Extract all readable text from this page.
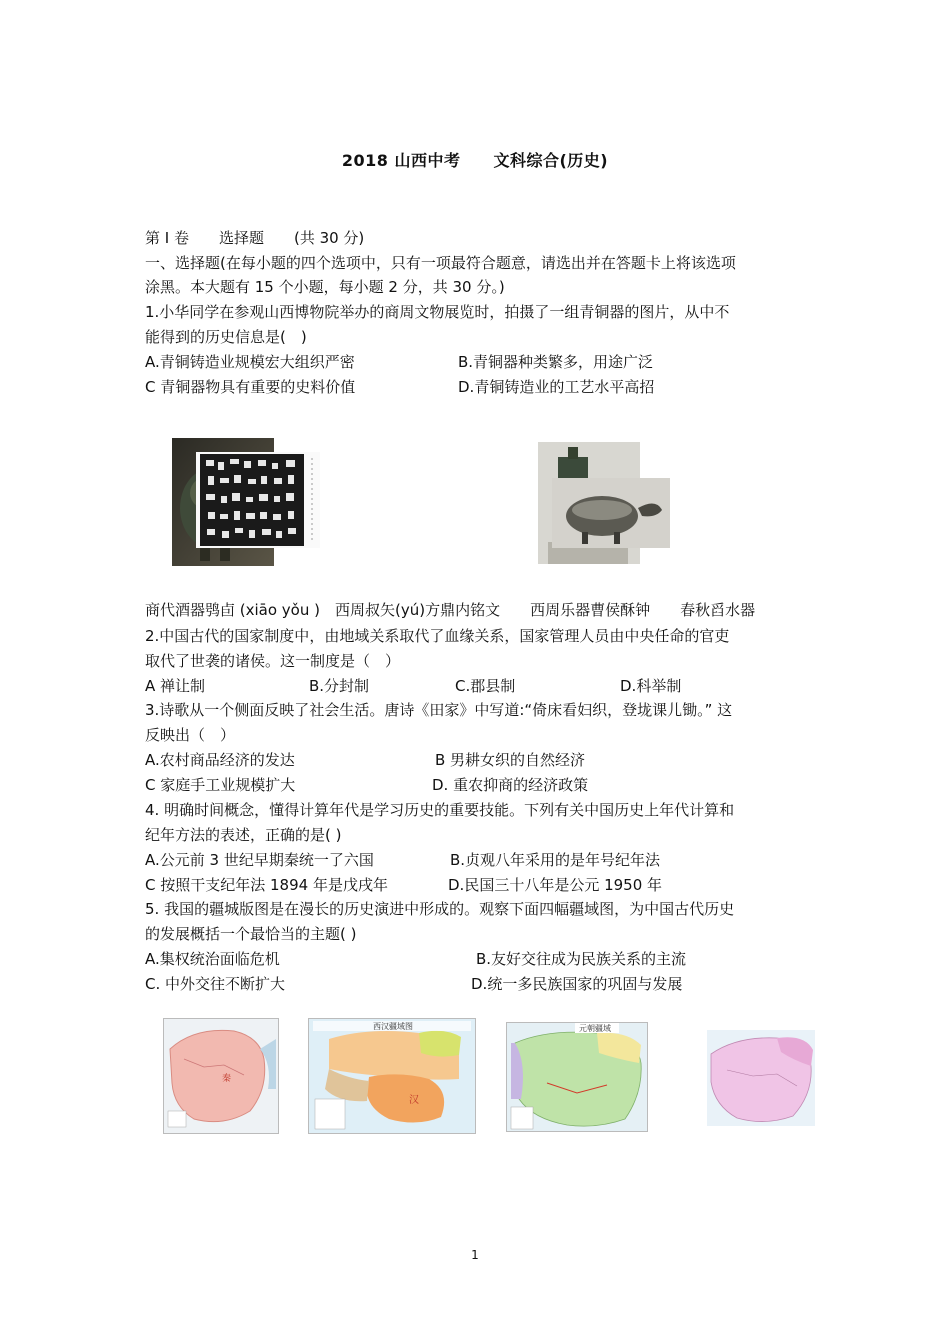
2018 山西中考　　文科综合(历史)
第 I 卷　　选择题　　(共 30 分)
一、选择题(在每小题的四个选项中，只有一项最符合题意，请选出并在答题卡上将该选项
涂黑。本大题有 15 个小题，每小题 2 分，共 30 分。)
1.小华同学在参观山西博物院举办的商周文物展览时，拍摄了一组青铜器的图片，从中不
能得到的历史信息是(　)
A.青铜铸造业规模宏大组织严密	B.青铜器种类繁多，用途广泛
C 青铜器物具有重要的史料价值	D.青铜铸造业的工艺水平高招
商代酒器鸮卣 (xiāo yǒu )　西周叔矢(yú)方鼎内铭文　　西周乐器曹侯酥钟　　春秋舀水器
2.中国古代的国家制度中，由地域关系取代了血缘关系，国家管理人员由中央任命的官吏
取代了世袭的诸侯。这一制度是（　）
A 禅让制	B.分封制	C.郡县制	D.科举制
3.诗歌从一个侧面反映了社会生活。唐诗《田家》中写道:“倚床看妇织，登垅课儿锄。” 这
反映出（　）
A.农村商品经济的发达	B 男耕女织的自然经济
C 家庭手工业规模扩大	D. 重农抑商的经济政策
4. 明确时间概念，懂得计算年代是学习历史的重要技能。下列有关中国历史上年代计算和
纪年方法的表述，正确的是( )
A.公元前 3 世纪早期秦统一了六国	B.贞观八年采用的是年号纪年法
C 按照干支纪年法 1894 年是戊戌年	D.民国三十八年是公元 1950 年
5. 我国的疆城版图是在漫长的历史演进中形成的。观察下面四幅疆域图，为中国古代历史
的发展概括一个最恰当的主题( )
A.集权统治面临危机	B.友好交往成为民族关系的主流
C. 中外交往不断扩大	D.统一多民族国家的巩固与发展
秦
西汉疆域图
汉
元朝疆域
1
